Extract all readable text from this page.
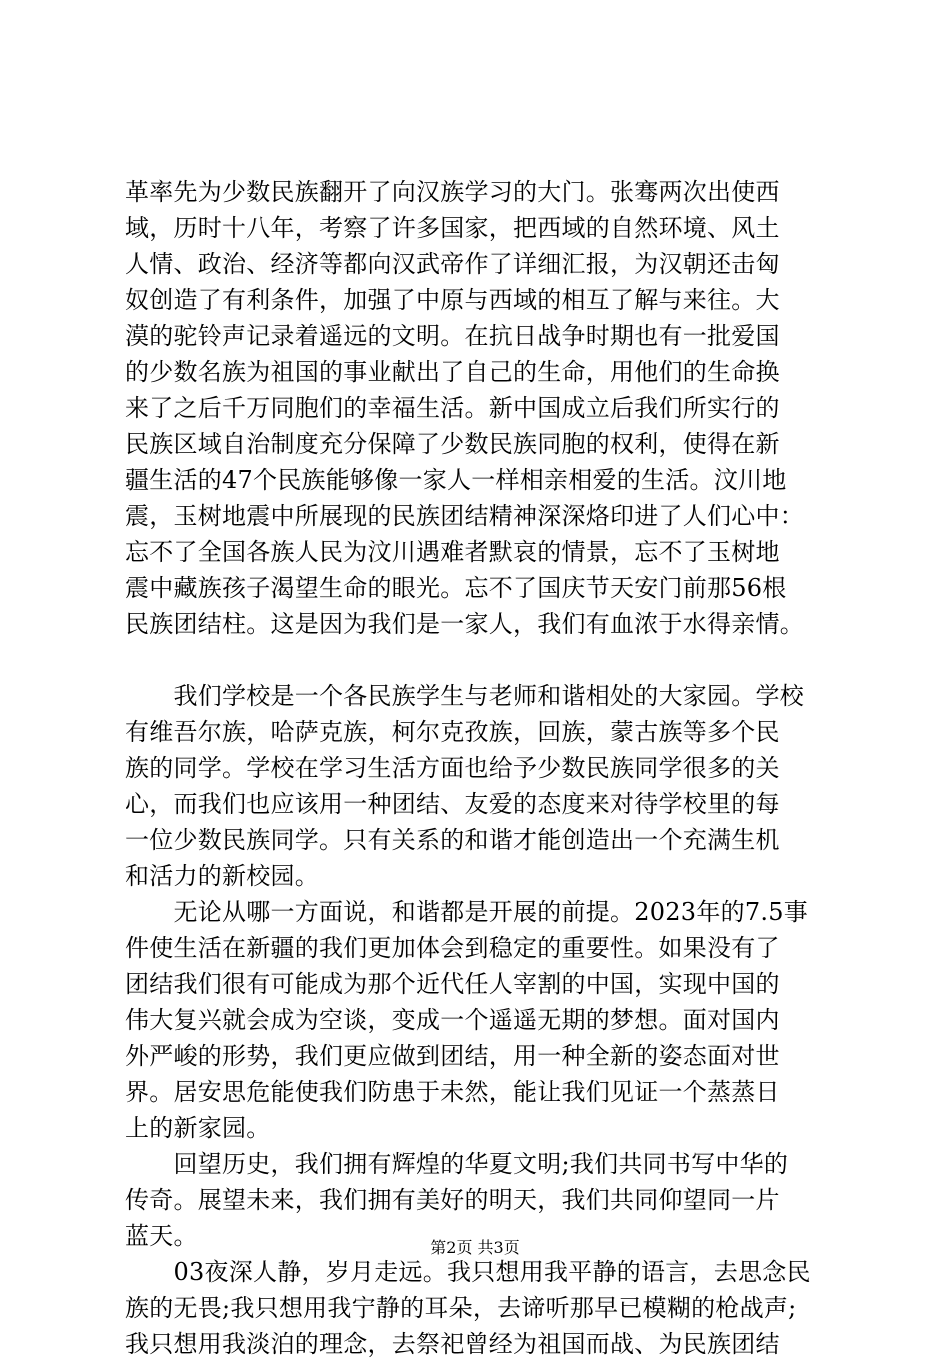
革率先为少数民族翻开了向汉族学习的大门。张骞两次出使西
域，历时十八年，考察了许多国家，把西域的自然环境、风土
人情、政治、经济等都向汉武帝作了详细汇报，为汉朝还击匈
奴创造了有利条件，加强了中原与西域的相互了解与来往。大
漠的驼铃声记录着遥远的文明。在抗日战争时期也有一批爱国
的少数名族为祖国的事业献出了自己的生命，用他们的生命换
来了之后千万同胞们的幸福生活。新中国成立后我们所实行的
民族区域自治制度充分保障了少数民族同胞的权利，使得在新
疆生活的47个民族能够像一家人一样相亲相爱的生活。汶川地
震，玉树地震中所展现的民族团结精神深深烙印进了人们心中：
忘不了全国各族人民为汶川遇难者默哀的情景，忘不了玉树地
震中藏族孩子渴望生命的眼光。忘不了国庆节天安门前那56根
民族团结柱。这是因为我们是一家人，我们有血浓于水得亲情。
　　我们学校是一个各民族学生与老师和谐相处的大家园。学校
有维吾尔族，哈萨克族，柯尔克孜族，回族，蒙古族等多个民
族的同学。学校在学习生活方面也给予少数民族同学很多的关
心，而我们也应该用一种团结、友爱的态度来对待学校里的每
一位少数民族同学。只有关系的和谐才能创造出一个充满生机
和活力的新校园。
　　无论从哪一方面说，和谐都是开展的前提。2023年的7.5事
件使生活在新疆的我们更加体会到稳定的重要性。如果没有了
团结我们很有可能成为那个近代任人宰割的中国，实现中国的
伟大复兴就会成为空谈，变成一个遥遥无期的梦想。面对国内
外严峻的形势，我们更应做到团结，用一种全新的姿态面对世
界。居安思危能使我们防患于未然，能让我们见证一个蒸蒸日
上的新家园。
　　回望历史，我们拥有辉煌的华夏文明;我们共同书写中华的
传奇。展望未来，我们拥有美好的明天，我们共同仰望同一片
蓝天。
　　03夜深人静，岁月走远。我只想用我平静的语言，去思念民
族的无畏;我只想用我宁静的耳朵，去谛听那早已模糊的枪战声;
我只想用我淡泊的理念，去祭祀曾经为祖国而战、为民族团结
第2页 共3页
